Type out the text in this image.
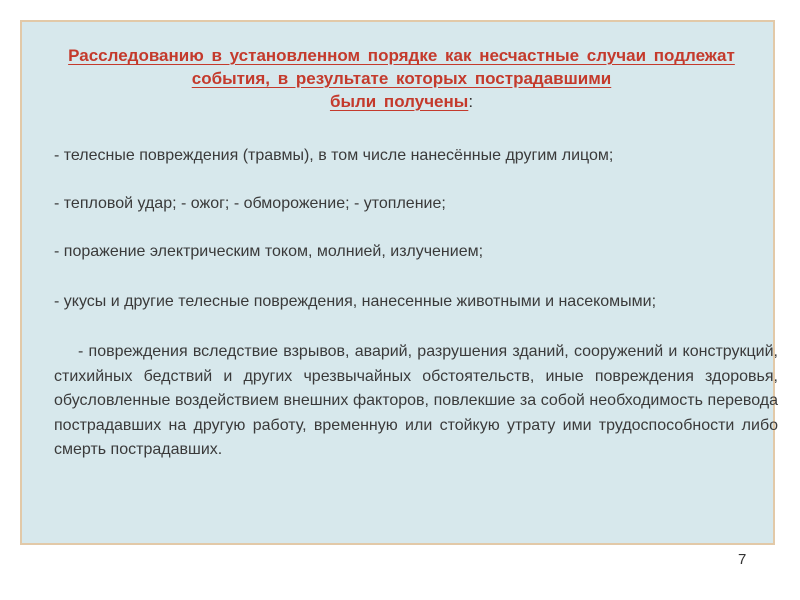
Расследованию в установленном порядке как несчастные случаи подлежат
события, в результате которых пострадавшими
были получены:

- телесные повреждения (травмы), в том числе нанесённые другим лицом;

- тепловой удар; - ожог; - обморожение; - утопление;

- поражение электрическим током, молнией, излучением;

- укусы и другие телесные повреждения, нанесенные животными и насекомыми;

- повреждения вследствие взрывов, аварий, разрушения зданий, сооружений и конструкций, стихийных бедствий и других чрезвычайных обстоятельств, иные повреждения здоровья, обусловленные воздействием внешних факторов, повлекшие за собой необходимость перевода пострадавших на другую работу, временную или стойкую утрату ими трудоспособности либо смерть пострадавших.

7
